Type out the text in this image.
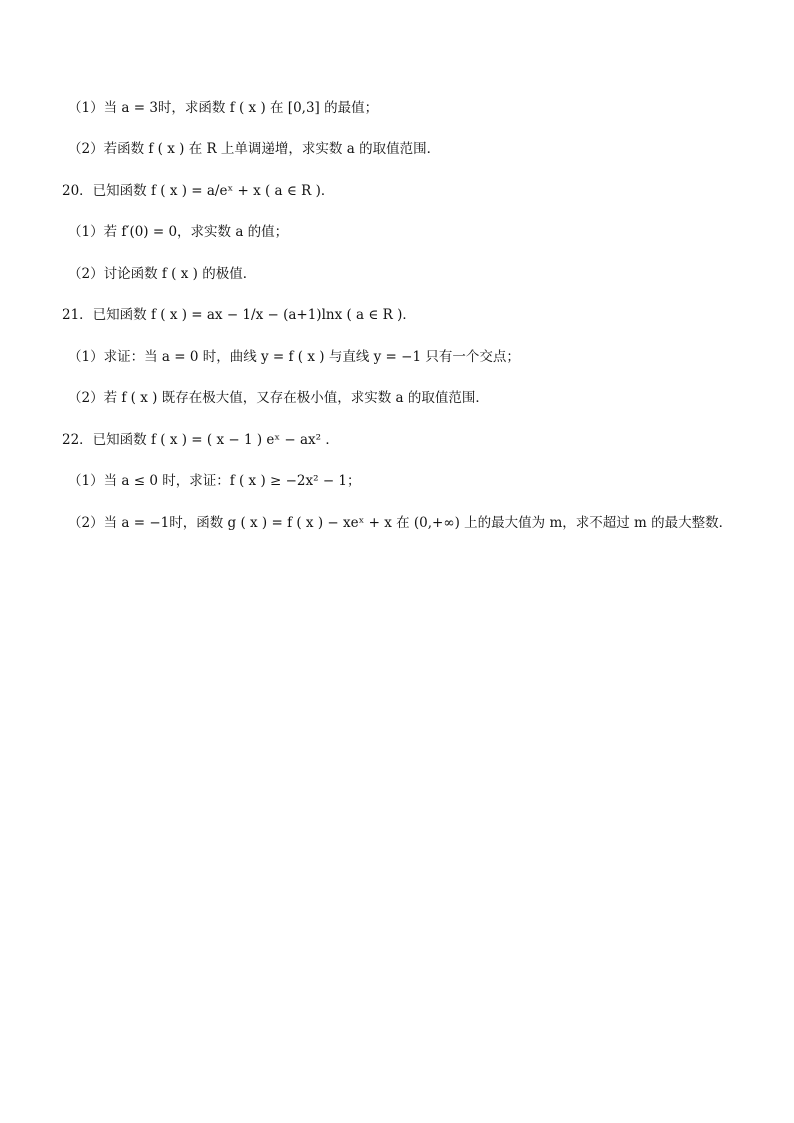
（1）当 a = 3时，求函数 f ( x ) 在 [0,3] 的最值；
（2）若函数 f ( x ) 在 R 上单调递增，求实数 a 的取值范围．
20．已知函数 f ( x ) = a/eˣ + x ( a ∈ R )．
（1）若 f′(0) = 0，求实数 a 的值；
（2）讨论函数 f ( x ) 的极值．
21．已知函数 f ( x ) = ax − 1/x − (a+1)lnx ( a ∈ R )．
（1）求证：当 a = 0 时，曲线 y = f ( x ) 与直线 y = −1 只有一个交点；
（2）若 f ( x ) 既存在极大值，又存在极小值，求实数 a 的取值范围．
22．已知函数 f ( x ) = ( x − 1 ) eˣ − ax² ．
（1）当 a ≤ 0 时，求证：f ( x ) ≥ −2x² − 1；
（2）当 a = −1时，函数 g ( x ) = f ( x ) − xeˣ + x 在 (0,+∞) 上的最大值为 m，求不超过 m 的最大整数．
